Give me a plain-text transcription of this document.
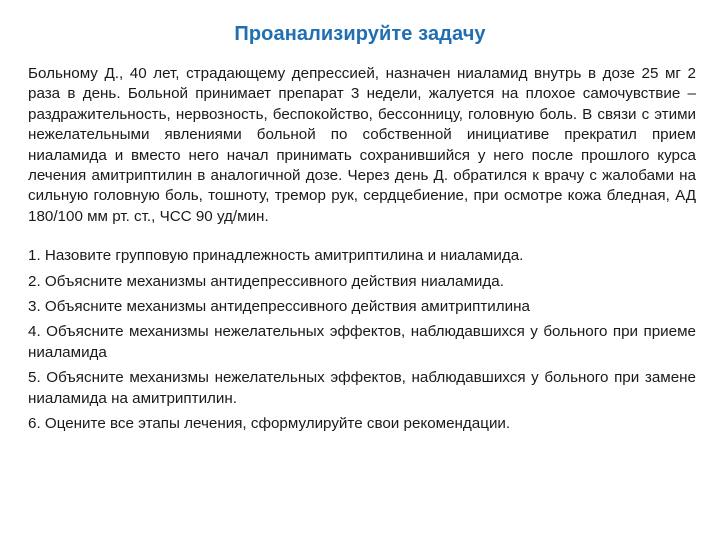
Проанализируйте задачу

Больному Д., 40 лет, страдающему депрессией, назначен ниаламид внутрь в дозе 25 мг 2 раза в день. Больной принимает препарат 3 недели, жалуется на плохое самочувствие – раздражительность, нервозность, беспокойство, бессонницу, головную боль. В связи с этими нежелательными явлениями больной по собственной инициативе прекратил прием ниаламида и вместо него начал принимать сохранившийся у него после прошлого курса лечения амитриптилин в аналогичной дозе. Через день Д. обратился к врачу с жалобами на сильную головную боль, тошноту, тремор рук, сердцебиение, при осмотре кожа бледная, АД 180/100 мм рт. ст., ЧСС 90 уд/мин.

1. Назовите групповую принадлежность амитриптилина и ниаламида.
2. Объясните механизмы антидепрессивного действия ниаламида.
3. Объясните механизмы антидепрессивного действия амитриптилина
4. Объясните механизмы нежелательных эффектов, наблюдавшихся у больного при приеме ниаламида
5. Объясните механизмы нежелательных эффектов, наблюдавшихся у больного при замене ниаламида на амитриптилин.
6. Оцените все этапы лечения, сформулируйте свои рекомендации.
